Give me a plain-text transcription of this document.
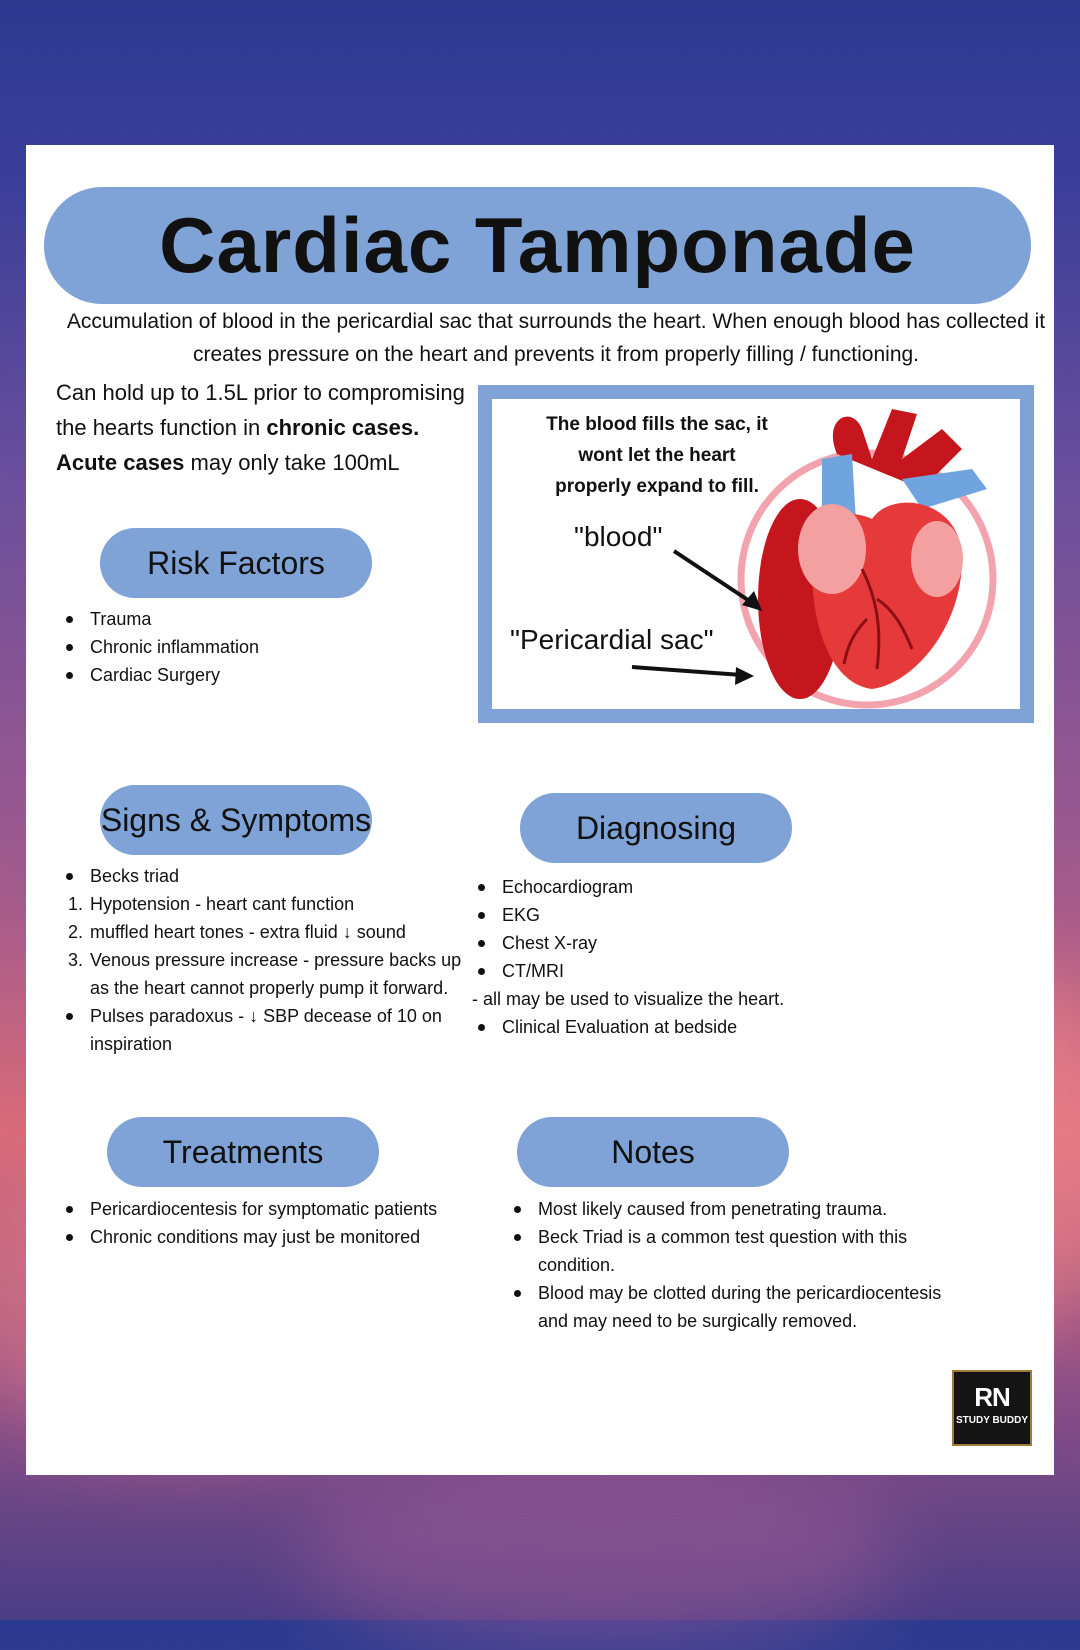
Cardiac Tamponade
Accumulation of blood in the pericardial sac that surrounds the heart. When enough blood has collected it creates pressure on the heart and prevents it from properly filling / functioning.
Can hold up to 1.5L prior to compromising
the hearts function in chronic cases.
Acute cases may only take 100mL
The blood fills the sac, it wont let the heart properly expand to fill.
"blood"
"Pericardial sac"
Risk Factors
Trauma
Chronic inflammation
Cardiac Surgery
Signs & Symptoms
Becks triad
1. Hypotension - heart cant function
2. muffled heart tones - extra fluid ↓ sound
3. Venous pressure increase - pressure backs up as the heart cannot properly pump it forward.
Pulses paradoxus - ↓ SBP decease of 10 on inspiration
Diagnosing
Echocardiogram
EKG
Chest X-ray
CT/MRI
- all may be used to visualize the heart.
Clinical Evaluation at bedside
Treatments
Pericardiocentesis for symptomatic patients
Chronic conditions may just be monitored
Notes
Most likely caused from penetrating trauma.
Beck Triad is a common test question with this condition.
Blood may be clotted during the pericardiocentesis and may need to be surgically removed.
RN
STUDY BUDDY
